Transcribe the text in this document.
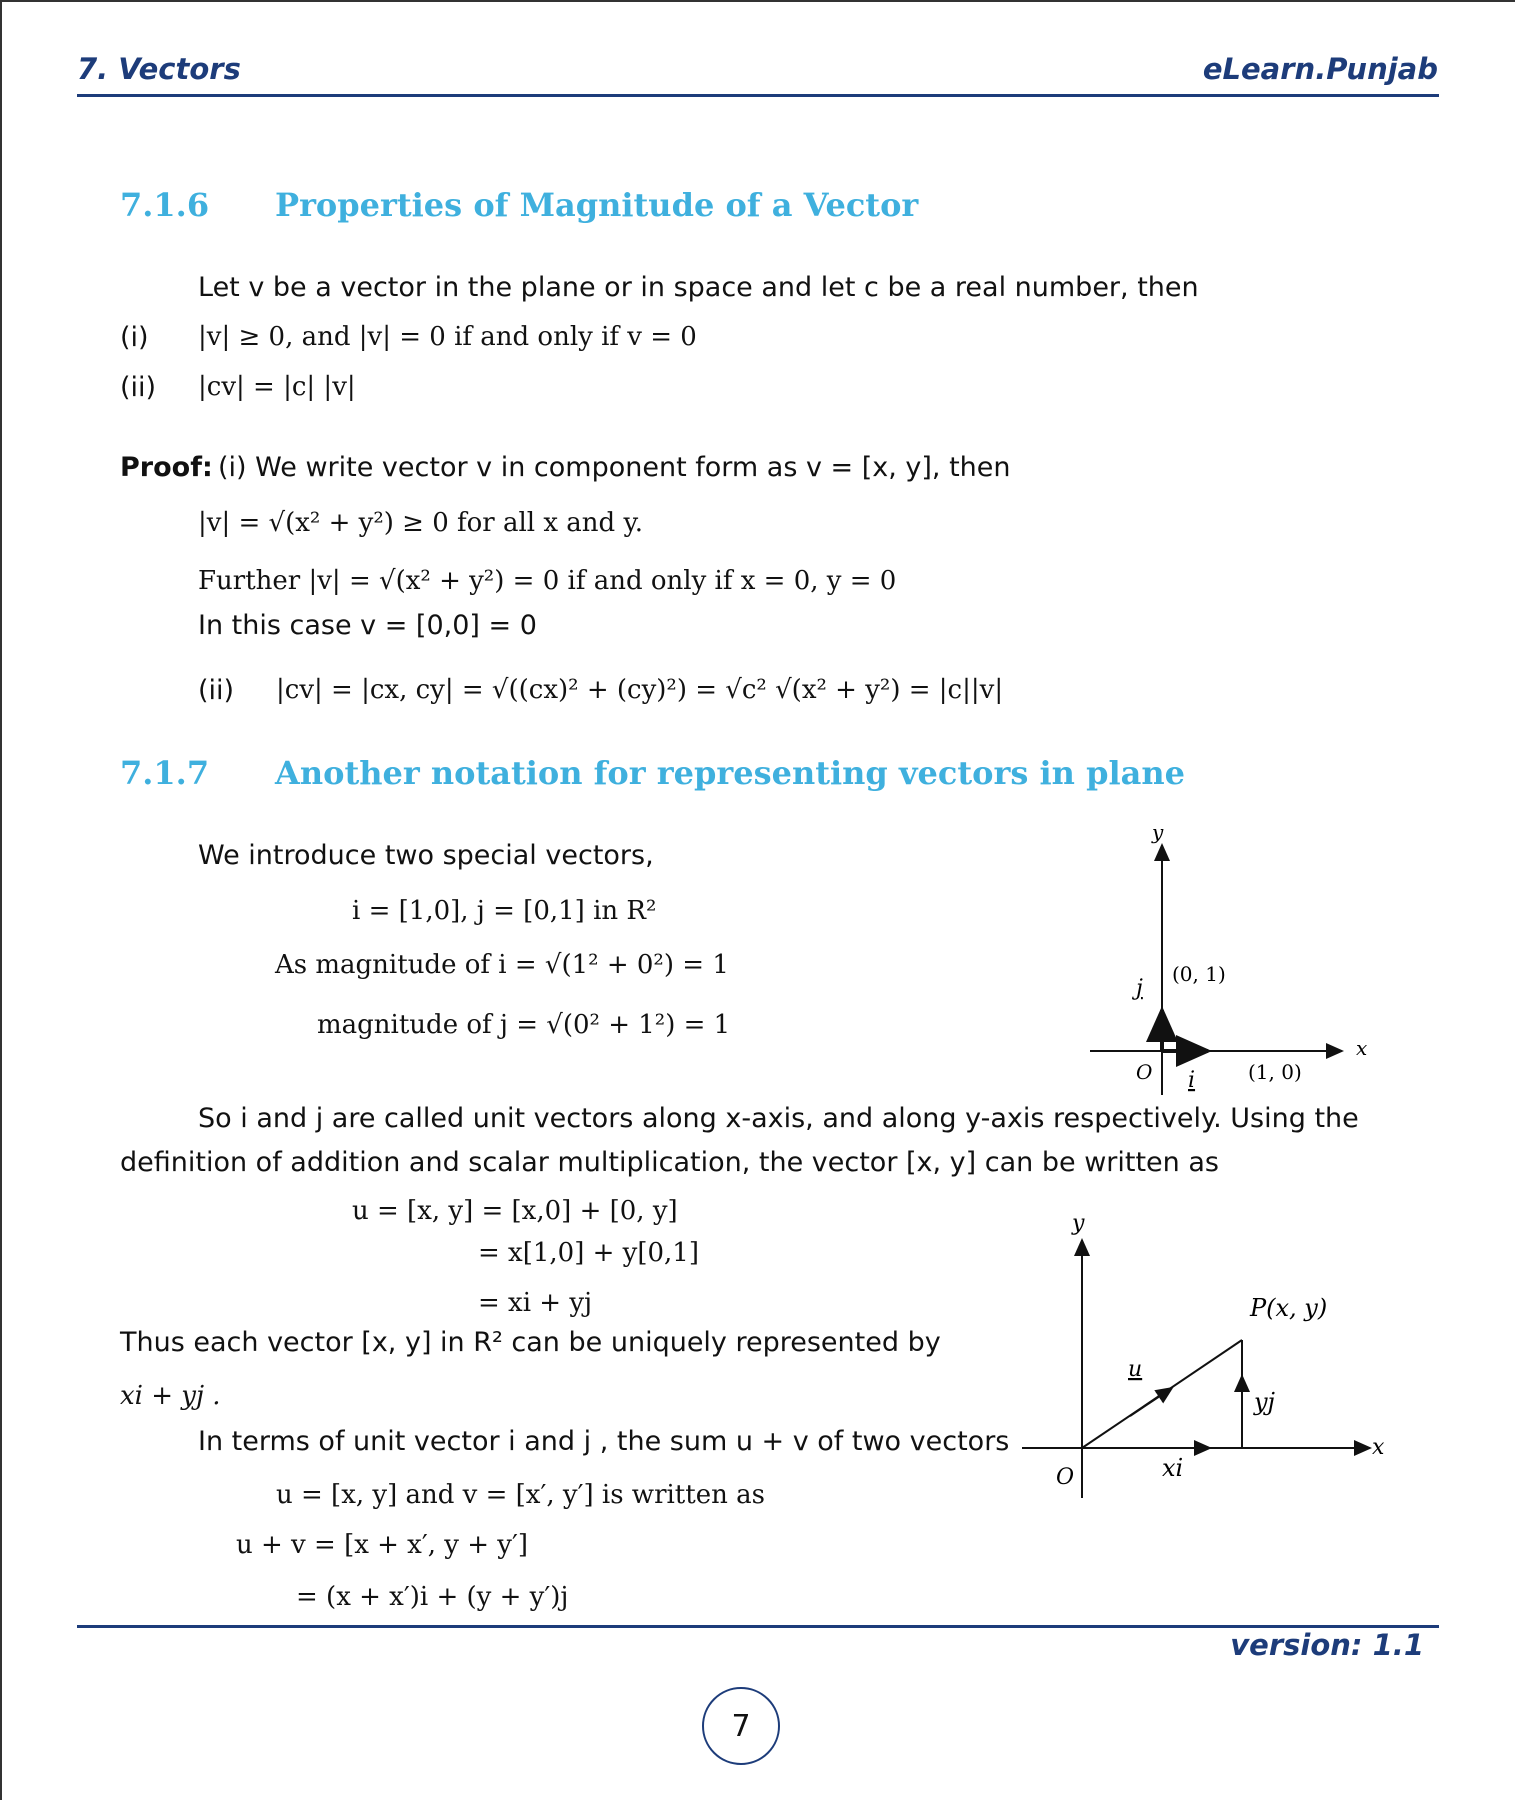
7. Vectors	eLearn.Punjab
7.1.6 Properties of Magnitude of a Vector
Let v be a vector in the plane or in space and let c be a real number, then
(i) |v| ≥ 0, and |v| = 0 if and only if v = 0
(ii) |cv| = |c| |v|
Proof: (i) We write vector v in component form as v = [x, y], then
|v| = √(x² + y²) ≥ 0 for all x and y.
Further |v| = √(x² + y²) = 0 if and only if x = 0, y = 0
In this case v = [0,0] = 0
(ii) |cv| = |cx, cy| = √((cx)² + (cy)²) = √c² √(x² + y²) = |c||v|
7.1.7 Another notation for representing vectors in plane
We introduce two special vectors,
i = [1,0], j = [0,1] in R²
As magnitude of i = √(1² + 0²) = 1
magnitude of j = √(0² + 1²) = 1
y
x
O i
j
(0, 1)
(1, 0)
So i and j are called unit vectors along x-axis, and along y-axis respectively. Using the
definition of addition and scalar multiplication, the vector [x, y] can be written as
u = [x, y] = [x,0] + [0, y]
= x[1,0] + y[0,1]
= xi + yj
Thus each vector [x, y] in R² can be uniquely represented by
xi + yj .
In terms of unit vector i and j , the sum u + v of two vectors
u = [x, y] and v = [x′, y′] is written as
u + v = [x + x′, y + y′]
= (x + x′)i + (y + y′)j
y
x
O
u
P(x, y)
yj
xi
version: 1.1
7
